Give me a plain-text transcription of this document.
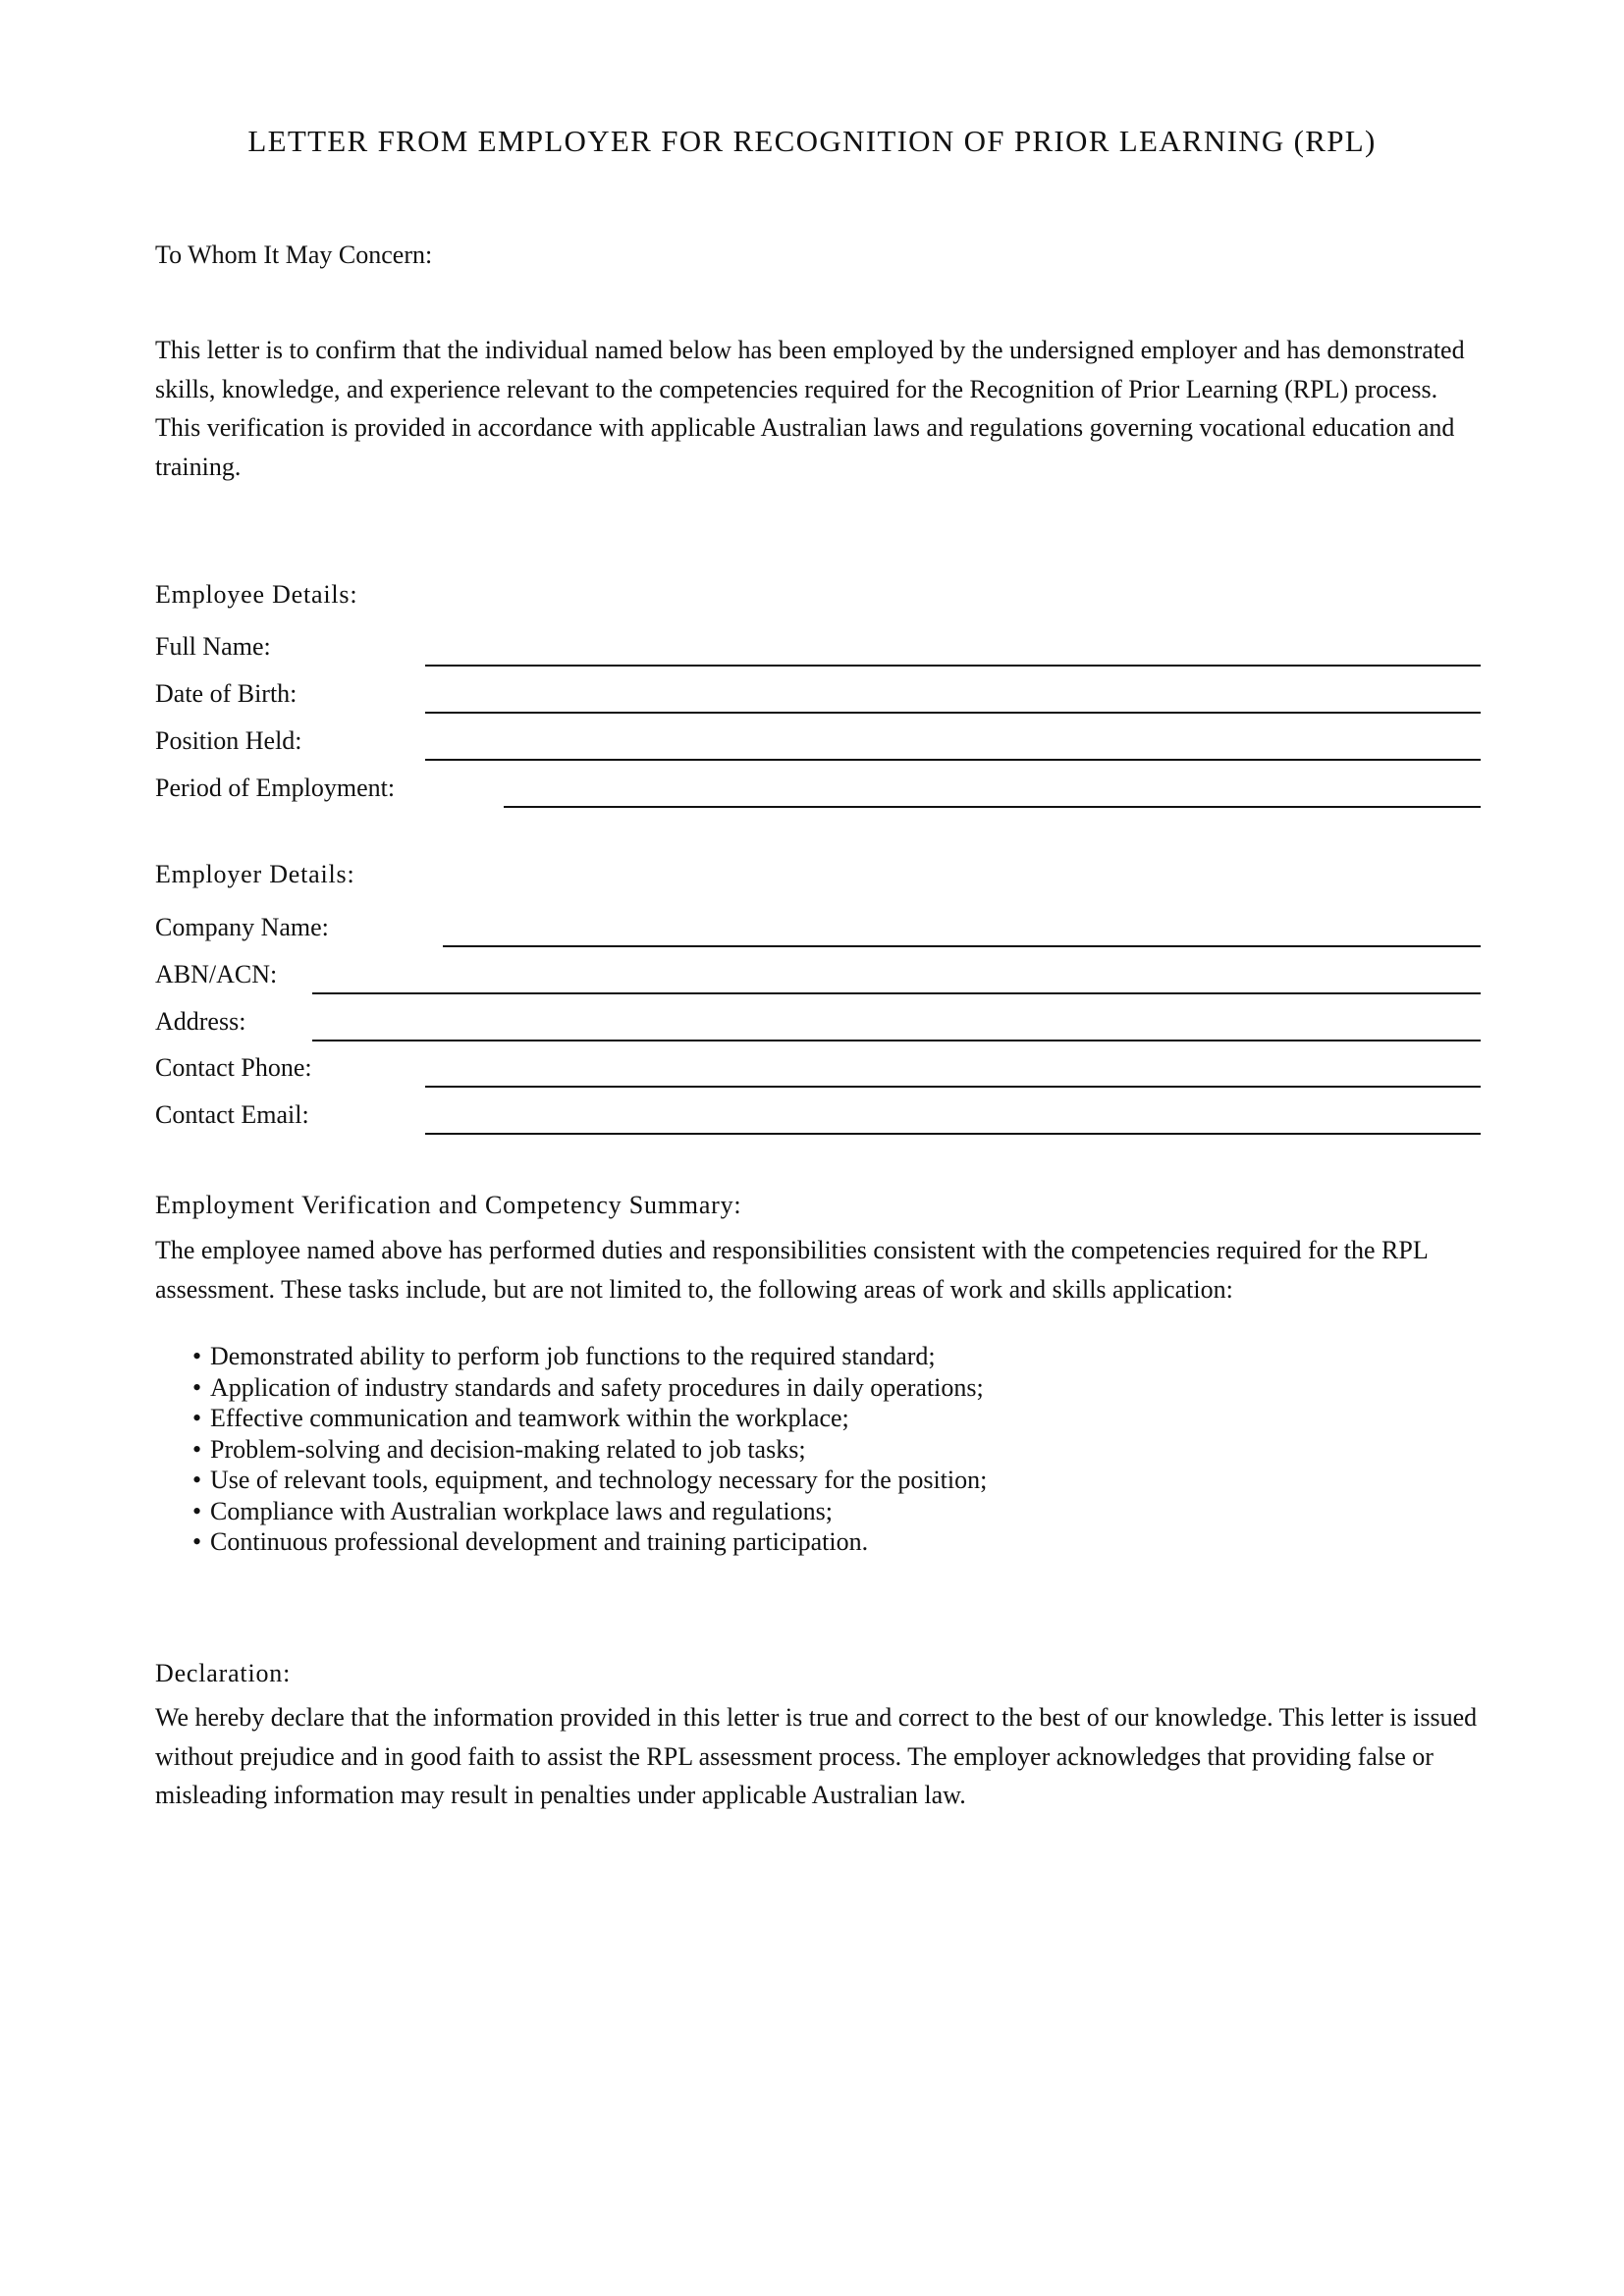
LETTER FROM EMPLOYER FOR RECOGNITION OF PRIOR LEARNING (RPL)
To Whom It May Concern:
This letter is to confirm that the individual named below has been employed by the undersigned employer and has demonstrated skills, knowledge, and experience relevant to the competencies required for the Recognition of Prior Learning (RPL) process. This verification is provided in accordance with applicable Australian laws and regulations governing vocational education and training.
Employee Details:
Full Name:
Date of Birth:
Position Held:
Period of Employment:
Employer Details:
Company Name:
ABN/ACN:
Address:
Contact Phone:
Contact Email:
Employment Verification and Competency Summary:
The employee named above has performed duties and responsibilities consistent with the competencies required for the RPL assessment. These tasks include, but are not limited to, the following areas of work and skills application:
• Demonstrated ability to perform job functions to the required standard;
• Application of industry standards and safety procedures in daily operations;
• Effective communication and teamwork within the workplace;
• Problem-solving and decision-making related to job tasks;
• Use of relevant tools, equipment, and technology necessary for the position;
• Compliance with Australian workplace laws and regulations;
• Continuous professional development and training participation.
Declaration:
We hereby declare that the information provided in this letter is true and correct to the best of our knowledge. This letter is issued without prejudice and in good faith to assist the RPL assessment process. The employer acknowledges that providing false or misleading information may result in penalties under applicable Australian law.
